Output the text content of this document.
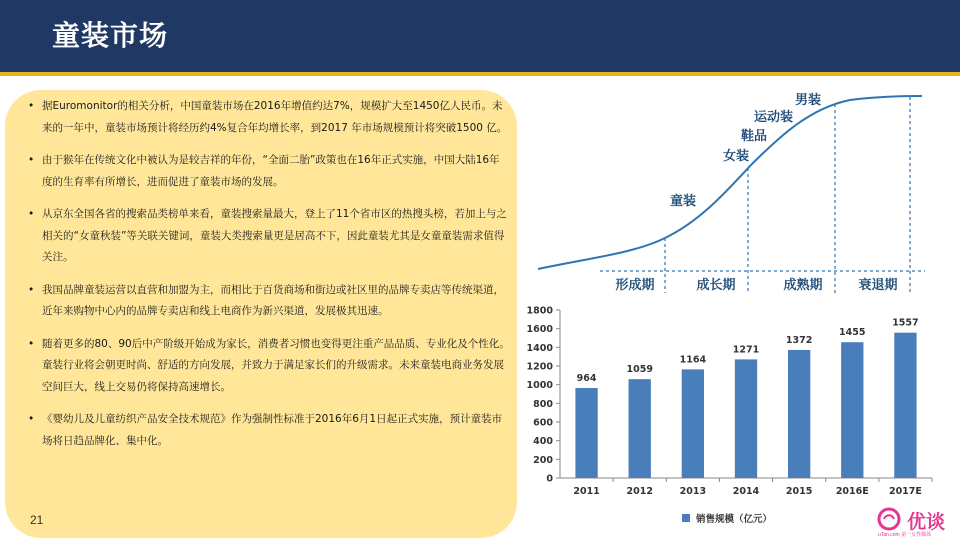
童装市场
• 据Euromonitor的相关分析，中国童装市场在2016年增值约达7%，规模扩大至1450亿人民币。未来的一年中，童装市场预计将经历约4%复合年均增长率，到2017 年市场规模预计将突破1500 亿。
• 由于猴年在传统文化中被认为是较吉祥的年份，“全面二胎”政策也在16年正式实施，中国大陆16年度的生育率有所增长，进而促进了童装市场的发展。
• 从京东全国各省的搜索品类榜单来看，童装搜索量最大，登上了11个省市区的热搜头榜，若加上与之相关的“女童秋装”等关联关键词，童装大类搜索量更是居高不下，因此童装尤其是女童童装需求值得关注。
• 我国品牌童装运营以直营和加盟为主，而相比于百货商场和街边或社区里的品牌专卖店等传统渠道，近年来购物中心内的品牌专卖店和线上电商作为新兴渠道，发展极其迅速。
• 随着更多的80、90后中产阶级开始成为家长，消费者习惯也变得更注重产品品质、专业化及个性化。童装行业将会朝更时尚、舒适的方向发展，并致力于满足家长们的升级需求。未来童装电商业务发展空间巨大，线上交易仍将保持高速增长。
• 《婴幼儿及儿童纺织产品安全技术规范》作为强制性标准于2016年6月1日起正式实施，预计童装市场将日趋品牌化、集中化。
21
童装
女装
鞋品
运动装
男装
形成期	成长期	成熟期	衰退期
0
200
400
600
800
1000
1200
1400
1600
1800
2011	2012	2013	2014	2015 2016E 2017E
964
1059
1164
1271
1372
1455
1557
销售规模（亿元）	优谈
uTan.com 第一女性媒体
